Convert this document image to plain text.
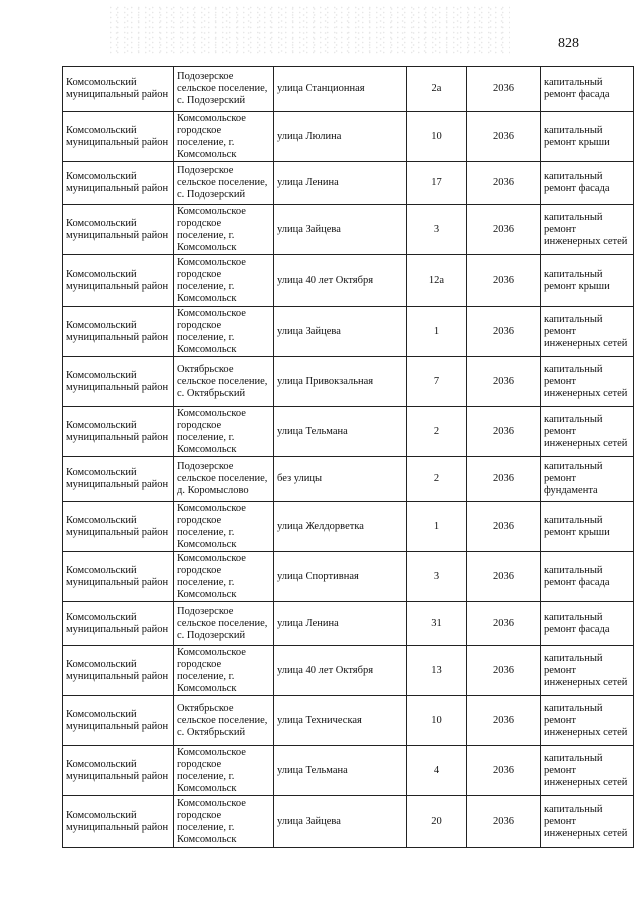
828
Комсомольский муниципальный район	Подозерское сельское поселение, с. Подозерский	улица Станционная	2а	2036	капитальный ремонт фасада
Комсомольский муниципальный район	Комсомольское городское поселение, г. Комсомольск	улица Люлина	10	2036	капитальный ремонт крыши
Комсомольский муниципальный район	Подозерское сельское поселение, с. Подозерский	улица Ленина	17	2036	капитальный ремонт фасада
Комсомольский муниципальный район	Комсомольское городское поселение, г. Комсомольск	улица Зайцева	3	2036	капитальный ремонт инженерных сетей
Комсомольский муниципальный район	Комсомольское городское поселение, г. Комсомольск	улица 40 лет Октября	12а	2036	капитальный ремонт крыши
Комсомольский муниципальный район	Комсомольское городское поселение, г. Комсомольск	улица Зайцева	1	2036	капитальный ремонт инженерных сетей
Комсомольский муниципальный район	Октябрьское сельское поселение, с. Октябрьский	улица Привокзальная	7	2036	капитальный ремонт инженерных сетей
Комсомольский муниципальный район	Комсомольское городское поселение, г. Комсомольск	улица Тельмана	2	2036	капитальный ремонт инженерных сетей
Комсомольский муниципальный район	Подозерское сельское поселение, д. Коромыслово	без улицы	2	2036	капитальный ремонт фундамента
Комсомольский муниципальный район	Комсомольское городское поселение, г. Комсомольск	улица Желдорветка	1	2036	капитальный ремонт крыши
Комсомольский муниципальный район	Комсомольское городское поселение, г. Комсомольск	улица Спортивная	3	2036	капитальный ремонт фасада
Комсомольский муниципальный район	Подозерское сельское поселение, с. Подозерский	улица Ленина	31	2036	капитальный ремонт фасада
Комсомольский муниципальный район	Комсомольское городское поселение, г. Комсомольск	улица 40 лет Октября	13	2036	капитальный ремонт инженерных сетей
Комсомольский муниципальный район	Октябрьское сельское поселение, с. Октябрьский	улица Техническая	10	2036	капитальный ремонт инженерных сетей
Комсомольский муниципальный район	Комсомольское городское поселение, г. Комсомольск	улица Тельмана	4	2036	капитальный ремонт инженерных сетей
Комсомольский муниципальный район	Комсомольское городское поселение, г. Комсомольск	улица Зайцева	20	2036	капитальный ремонт инженерных сетей
